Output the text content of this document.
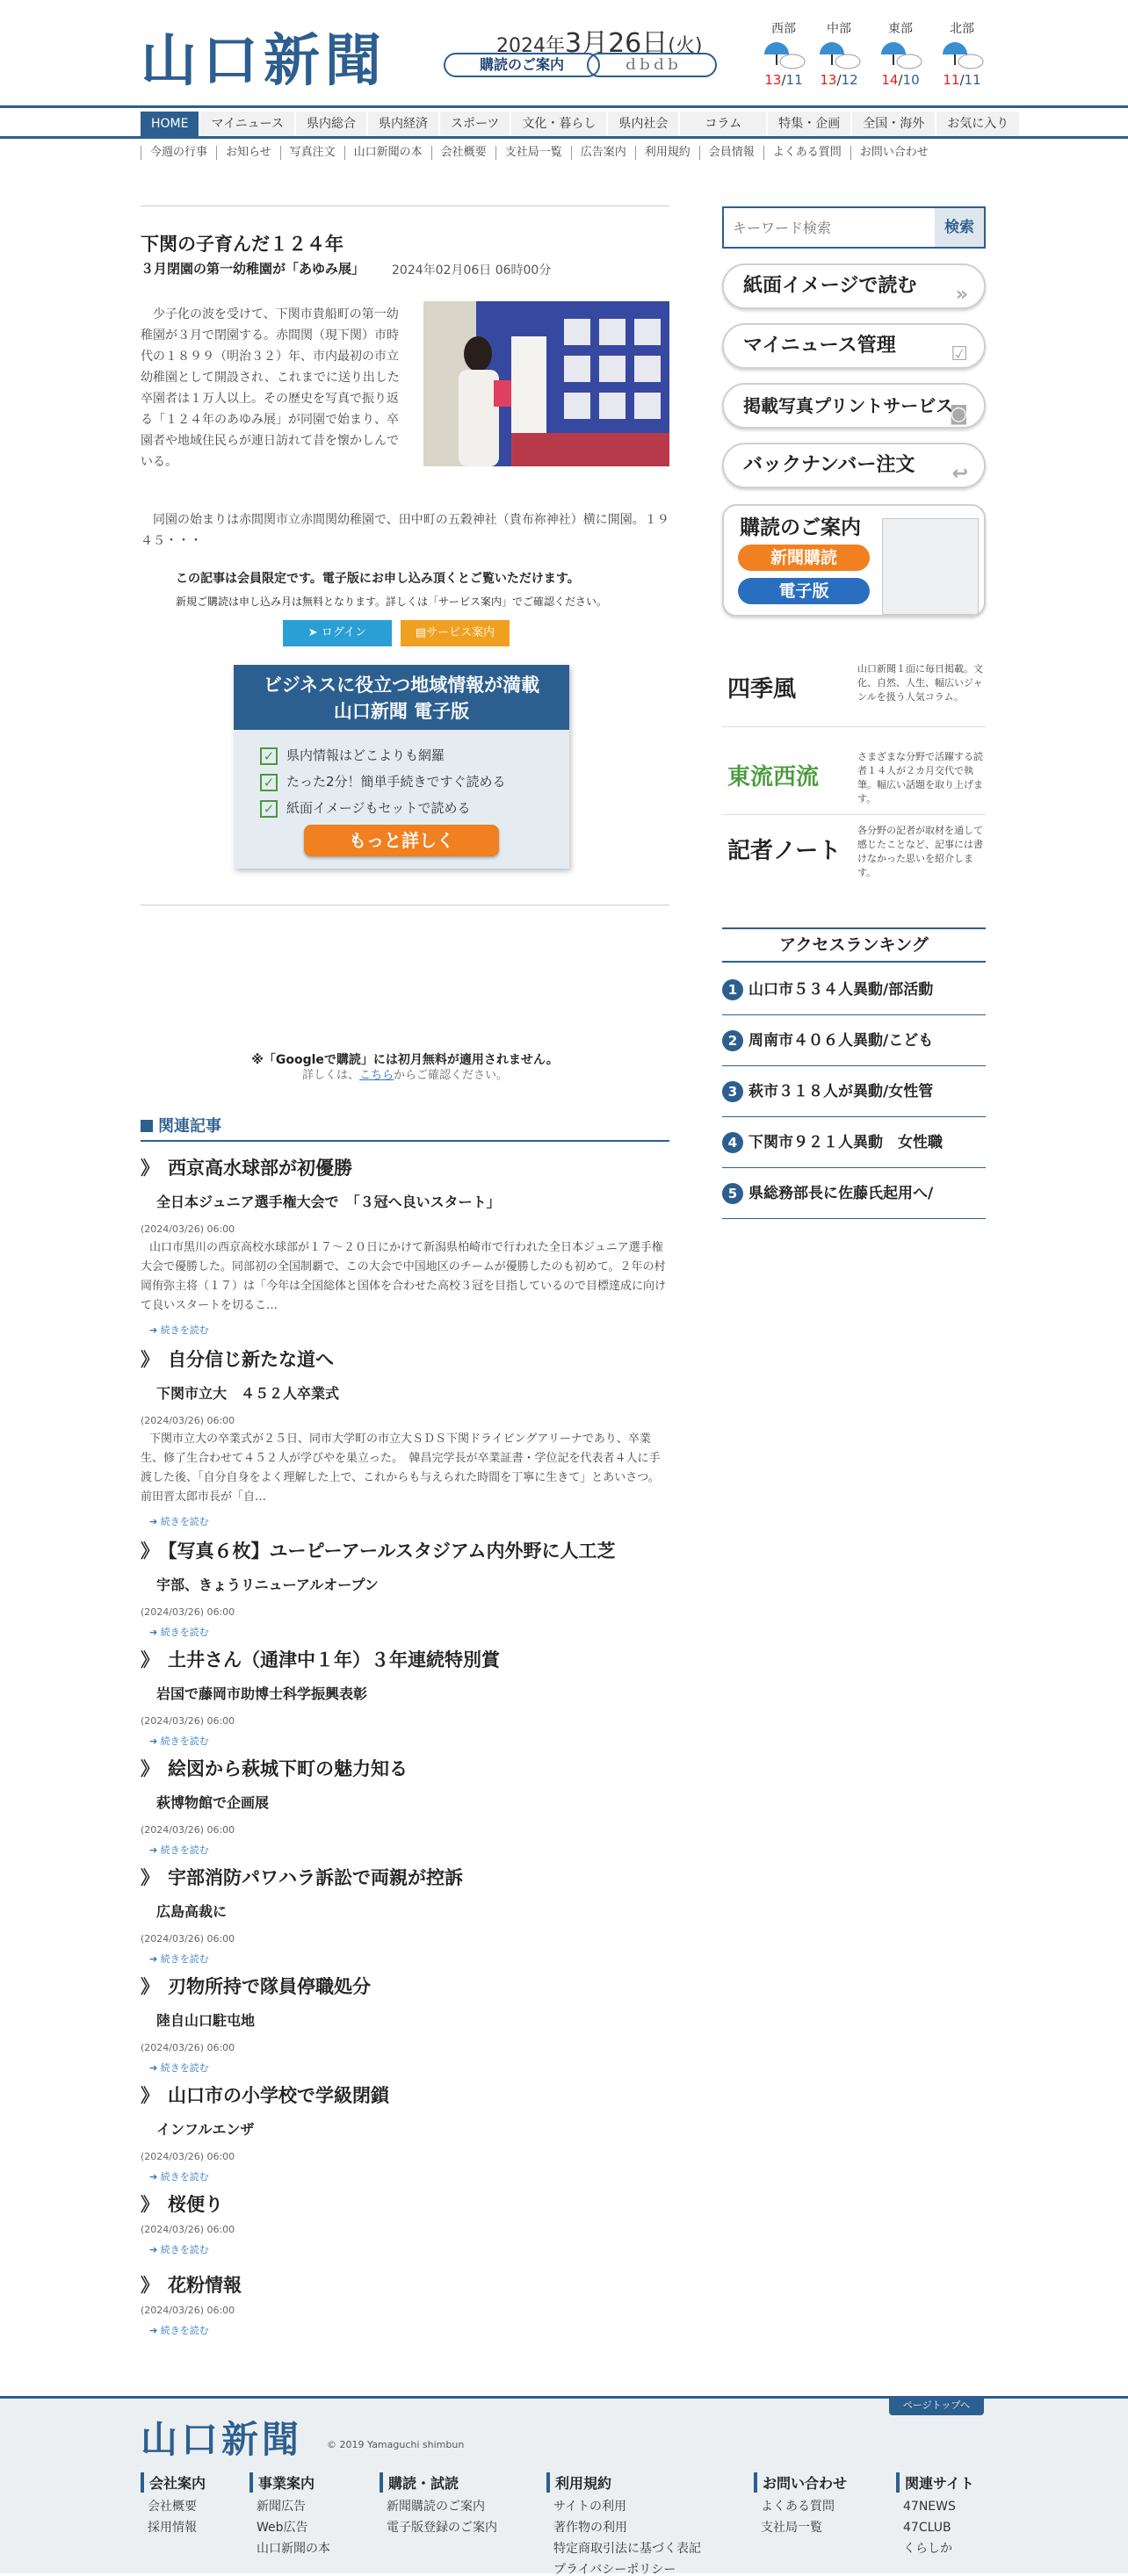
山口新聞	2024年3月26日(火)
購読のご案内	ｄｂｄｂ
西部
13/11
中部
13/12
東部
14/10
北部
11/11
HOME	マイニュース	県内総合	県内経済	スポーツ	文化・暮らし	県内社会	コラム	特集・企画	全国・海外	お気に入り
今週の行事	お知らせ	写真注文	山口新聞の本	会社概要	支社局一覧	広告案内	利用規約	会員情報	よくある質問	お問い合わせ
下関の子育んだ１２４年
３月閉園の第一幼稚園が「あゆみ展」 2024年02月06日 06時00分

少子化の波を受けて、下関市貴船町の第一幼稚園が３月で閉園する。赤間関（現下関）市時代の１８９９（明治３２）年、市内最初の市立幼稚園として開設され、これまでに送り出した卒園者は１万人以上。その歴史を写真で振り返る「１２４年のあゆみ展」が同園で始まり、卒園者や地域住民らが連日訪れて昔を懐かしんでいる。

同園の始まりは赤間関市立赤間関幼稚園で、田中町の五穀神社（貴布祢神社）横に開園。１９４５・・・

この記事は会員限定です。電子版にお申し込み頂くとご覧いただけます。
新規ご購読は申し込み月は無料となります。詳しくは「サービス案内」でご確認ください。
➤ ログイン	▤サービス案内
ビジネスに役立つ地域情報が満載
山口新聞 電子版
✓ 県内情報はどこよりも網羅
✓ たった2分！簡単手続きですぐ読める
✓ 紙面イメージもセットで読める
もっと詳しく
※「Googleで購読」には初月無料が適用されません。
詳しくは、こちらからご確認ください。
関連記事
》 西京高水球部が初優勝
全日本ジュニア選手権大会で　「３冠へ良いスタート」
(2024/03/26) 06:00
山口市黒川の西京高校水球部が１７～２０日にかけて新潟県柏崎市で行われた全日本ジュニア選手権大会で優勝した。同部初の全国制覇で、この大会で中国地区のチームが優勝したのも初めて。２年の村岡侑弥主将（１７）は「今年は全国総体と国体を合わせた高校３冠を目指しているので目標達成に向けて良いスタートを切るこ…
➔ 続きを読む
》 自分信じ新たな道へ
下関市立大　４５２人卒業式
(2024/03/26) 06:00
下関市立大の卒業式が２５日、同市大学町の市立大ＳＤＳ下関ドライビングアリーナであり、卒業生、修了生合わせて４５２人が学びやを巣立った。　韓昌完学長が卒業証書・学位記を代表者４人に手渡した後、「自分自身をよく理解した上で、これからも与えられた時間を丁寧に生きて」とあいさつ。前田晋太郎市長が「自…
➔ 続きを読む
》 【写真６枚】ユーピーアールスタジアム内外野に人工芝
宇部、きょうリニューアルオープン
(2024/03/26) 06:00
➔ 続きを読む
》 土井さん（通津中１年）３年連続特別賞
岩国で藤岡市助博士科学振興表彰
(2024/03/26) 06:00
➔ 続きを読む
》 絵図から萩城下町の魅力知る
萩博物館で企画展
(2024/03/26) 06:00
➔ 続きを読む
》 宇部消防パワハラ訴訟で両親が控訴
広島高裁に
(2024/03/26) 06:00
➔ 続きを読む
》 刃物所持で隊員停職処分
陸自山口駐屯地
(2024/03/26) 06:00
➔ 続きを読む
》 山口市の小学校で学級閉鎖
インフルエンザ
(2024/03/26) 06:00
➔ 続きを読む
》 桜便り
(2024/03/26) 06:00
➔ 続きを読む
》 花粉情報
(2024/03/26) 06:00
➔ 続きを読む
キーワード検索
検索
紙面イメージで読む »
マイニュース管理	☑
掲載写真プリントサービス
◙
バックナンバー注文 ↩
購読のご案内
新聞購読
電子版
四季風
山口新聞１面に毎日掲載。文化、自然、人生、幅広いジャンルを扱う人気コラム。
東流西流
さまざまな分野で活躍する読者１４人が２カ月交代で執筆。幅広い話題を取り上げます。
記者ノート
各分野の記者が取材を通して感じたことなど、記事には書けなかった思いを紹介します。
アクセスランキング
1 山口市５３４人異動/部活動
2 周南市４０６人異動/こども
3 萩市３１８人が異動/女性管
4 下関市９２１人異動　女性職
5 県総務部長に佐藤氏起用へ/
ページトップへ
山口新聞	© 2019 Yamaguchi shimbun
会社案内
会社概要
採用情報
事業案内
新聞広告
Web広告
山口新聞の本
購読・試読
新聞購読のご案内
電子版登録のご案内
利用規約
サイトの利用
著作物の利用
特定商取引法に基づく表記
プライバシーポリシー
お問い合わせ
よくある質問
支社局一覧
関連サイト
47NEWS
47CLUB
くらしか
